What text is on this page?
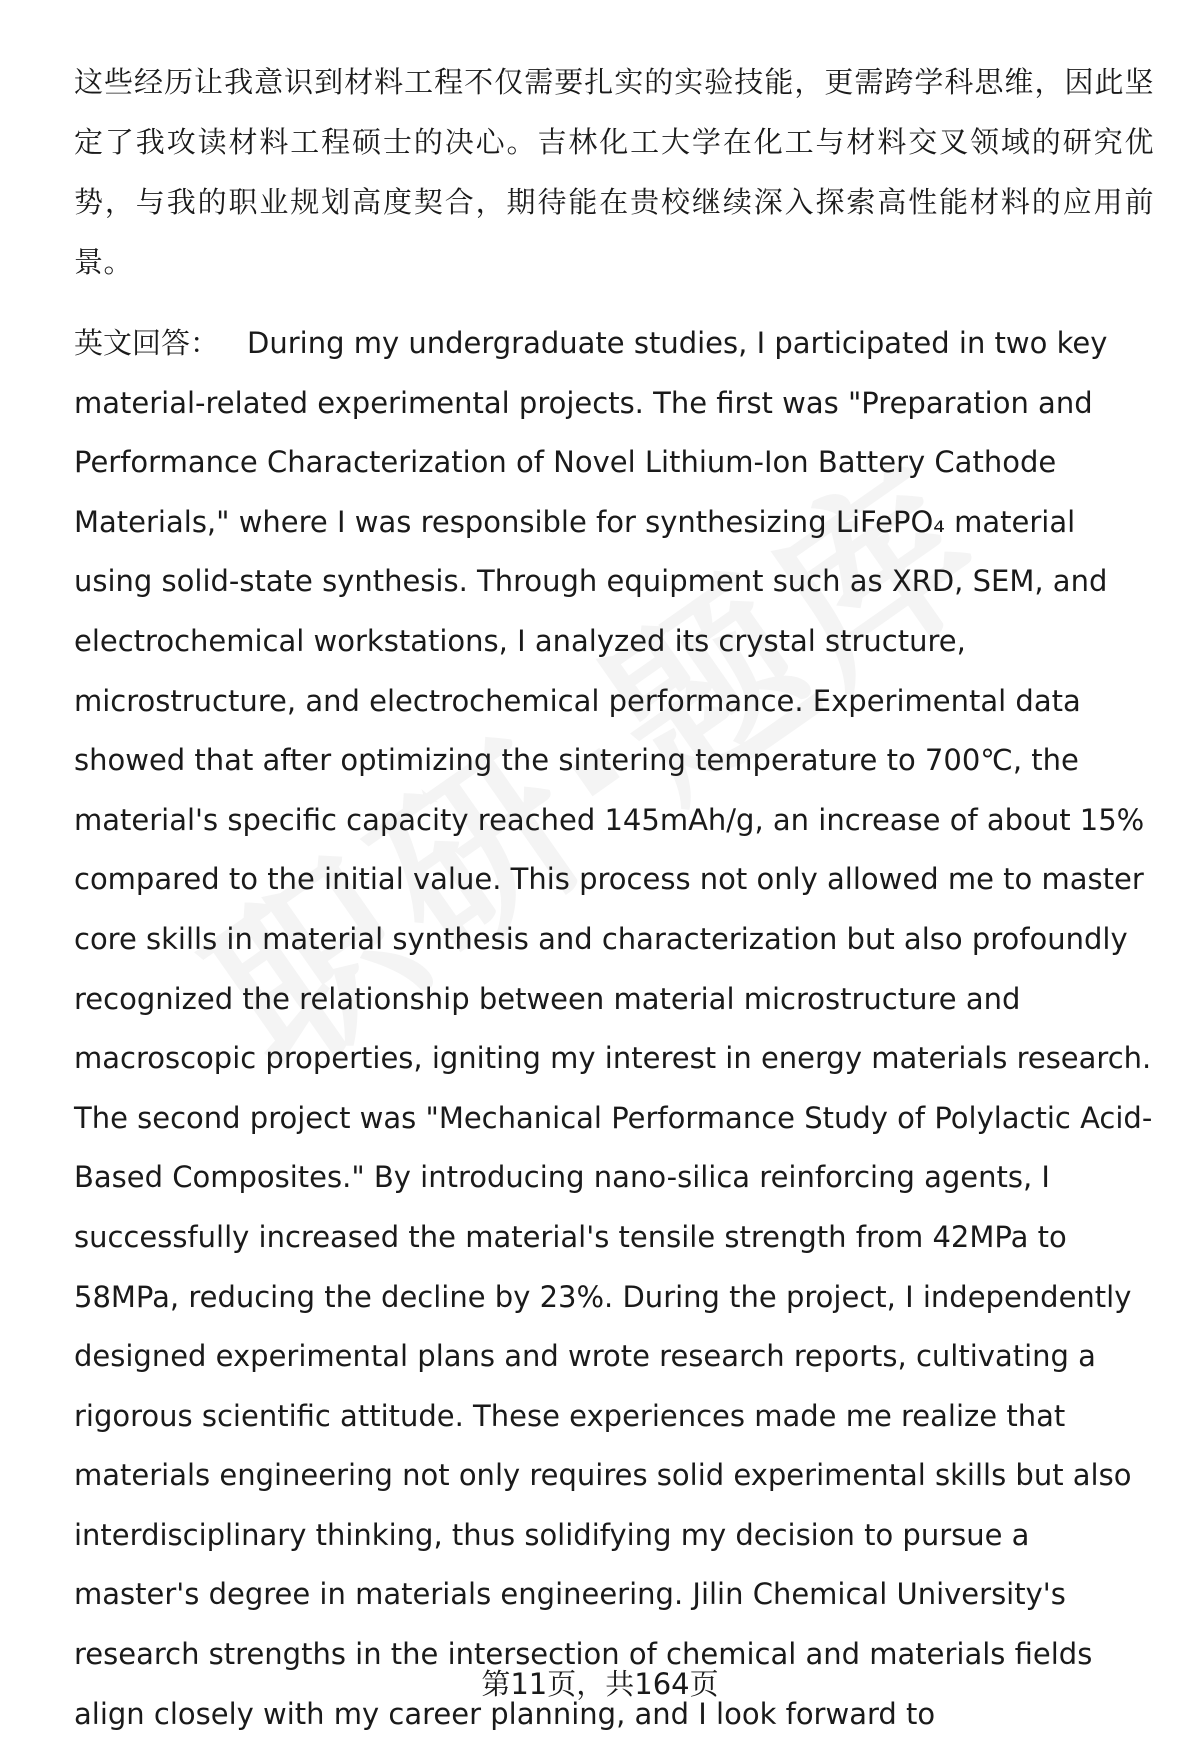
这些经历让我意识到材料工程不仅需要扎实的实验技能，更需跨学科思维，因此坚定了我攻读材料工程硕士的决心。吉林化工大学在化工与材料交叉领域的研究优势，与我的职业规划高度契合，期待能在贵校继续深入探索高性能材料的应用前景。

英文回答： During my undergraduate studies, I participated in two key material-related experimental projects. The first was "Preparation and Performance Characterization of Novel Lithium-Ion Battery Cathode Materials," where I was responsible for synthesizing LiFePO₄ material using solid-state synthesis. Through equipment such as XRD, SEM, and electrochemical workstations, I analyzed its crystal structure, microstructure, and electrochemical performance. Experimental data showed that after optimizing the sintering temperature to 700℃, the material's specific capacity reached 145mAh/g, an increase of about 15% compared to the initial value. This process not only allowed me to master core skills in material synthesis and characterization but also profoundly recognized the relationship between material microstructure and macroscopic properties, igniting my interest in energy materials research. The second project was "Mechanical Performance Study of Polylactic Acid-Based Composites." By introducing nano-silica reinforcing agents, I successfully increased the material's tensile strength from 42MPa to 58MPa, reducing the decline by 23%. During the project, I independently designed experimental plans and wrote research reports, cultivating a rigorous scientific attitude. These experiences made me realize that materials engineering not only requires solid experimental skills but also interdisciplinary thinking, thus solidifying my decision to pursue a master's degree in materials engineering. Jilin Chemical University's research strengths in the intersection of chemical and materials fields align closely with my career planning, and I look forward to

第11页，共164页
